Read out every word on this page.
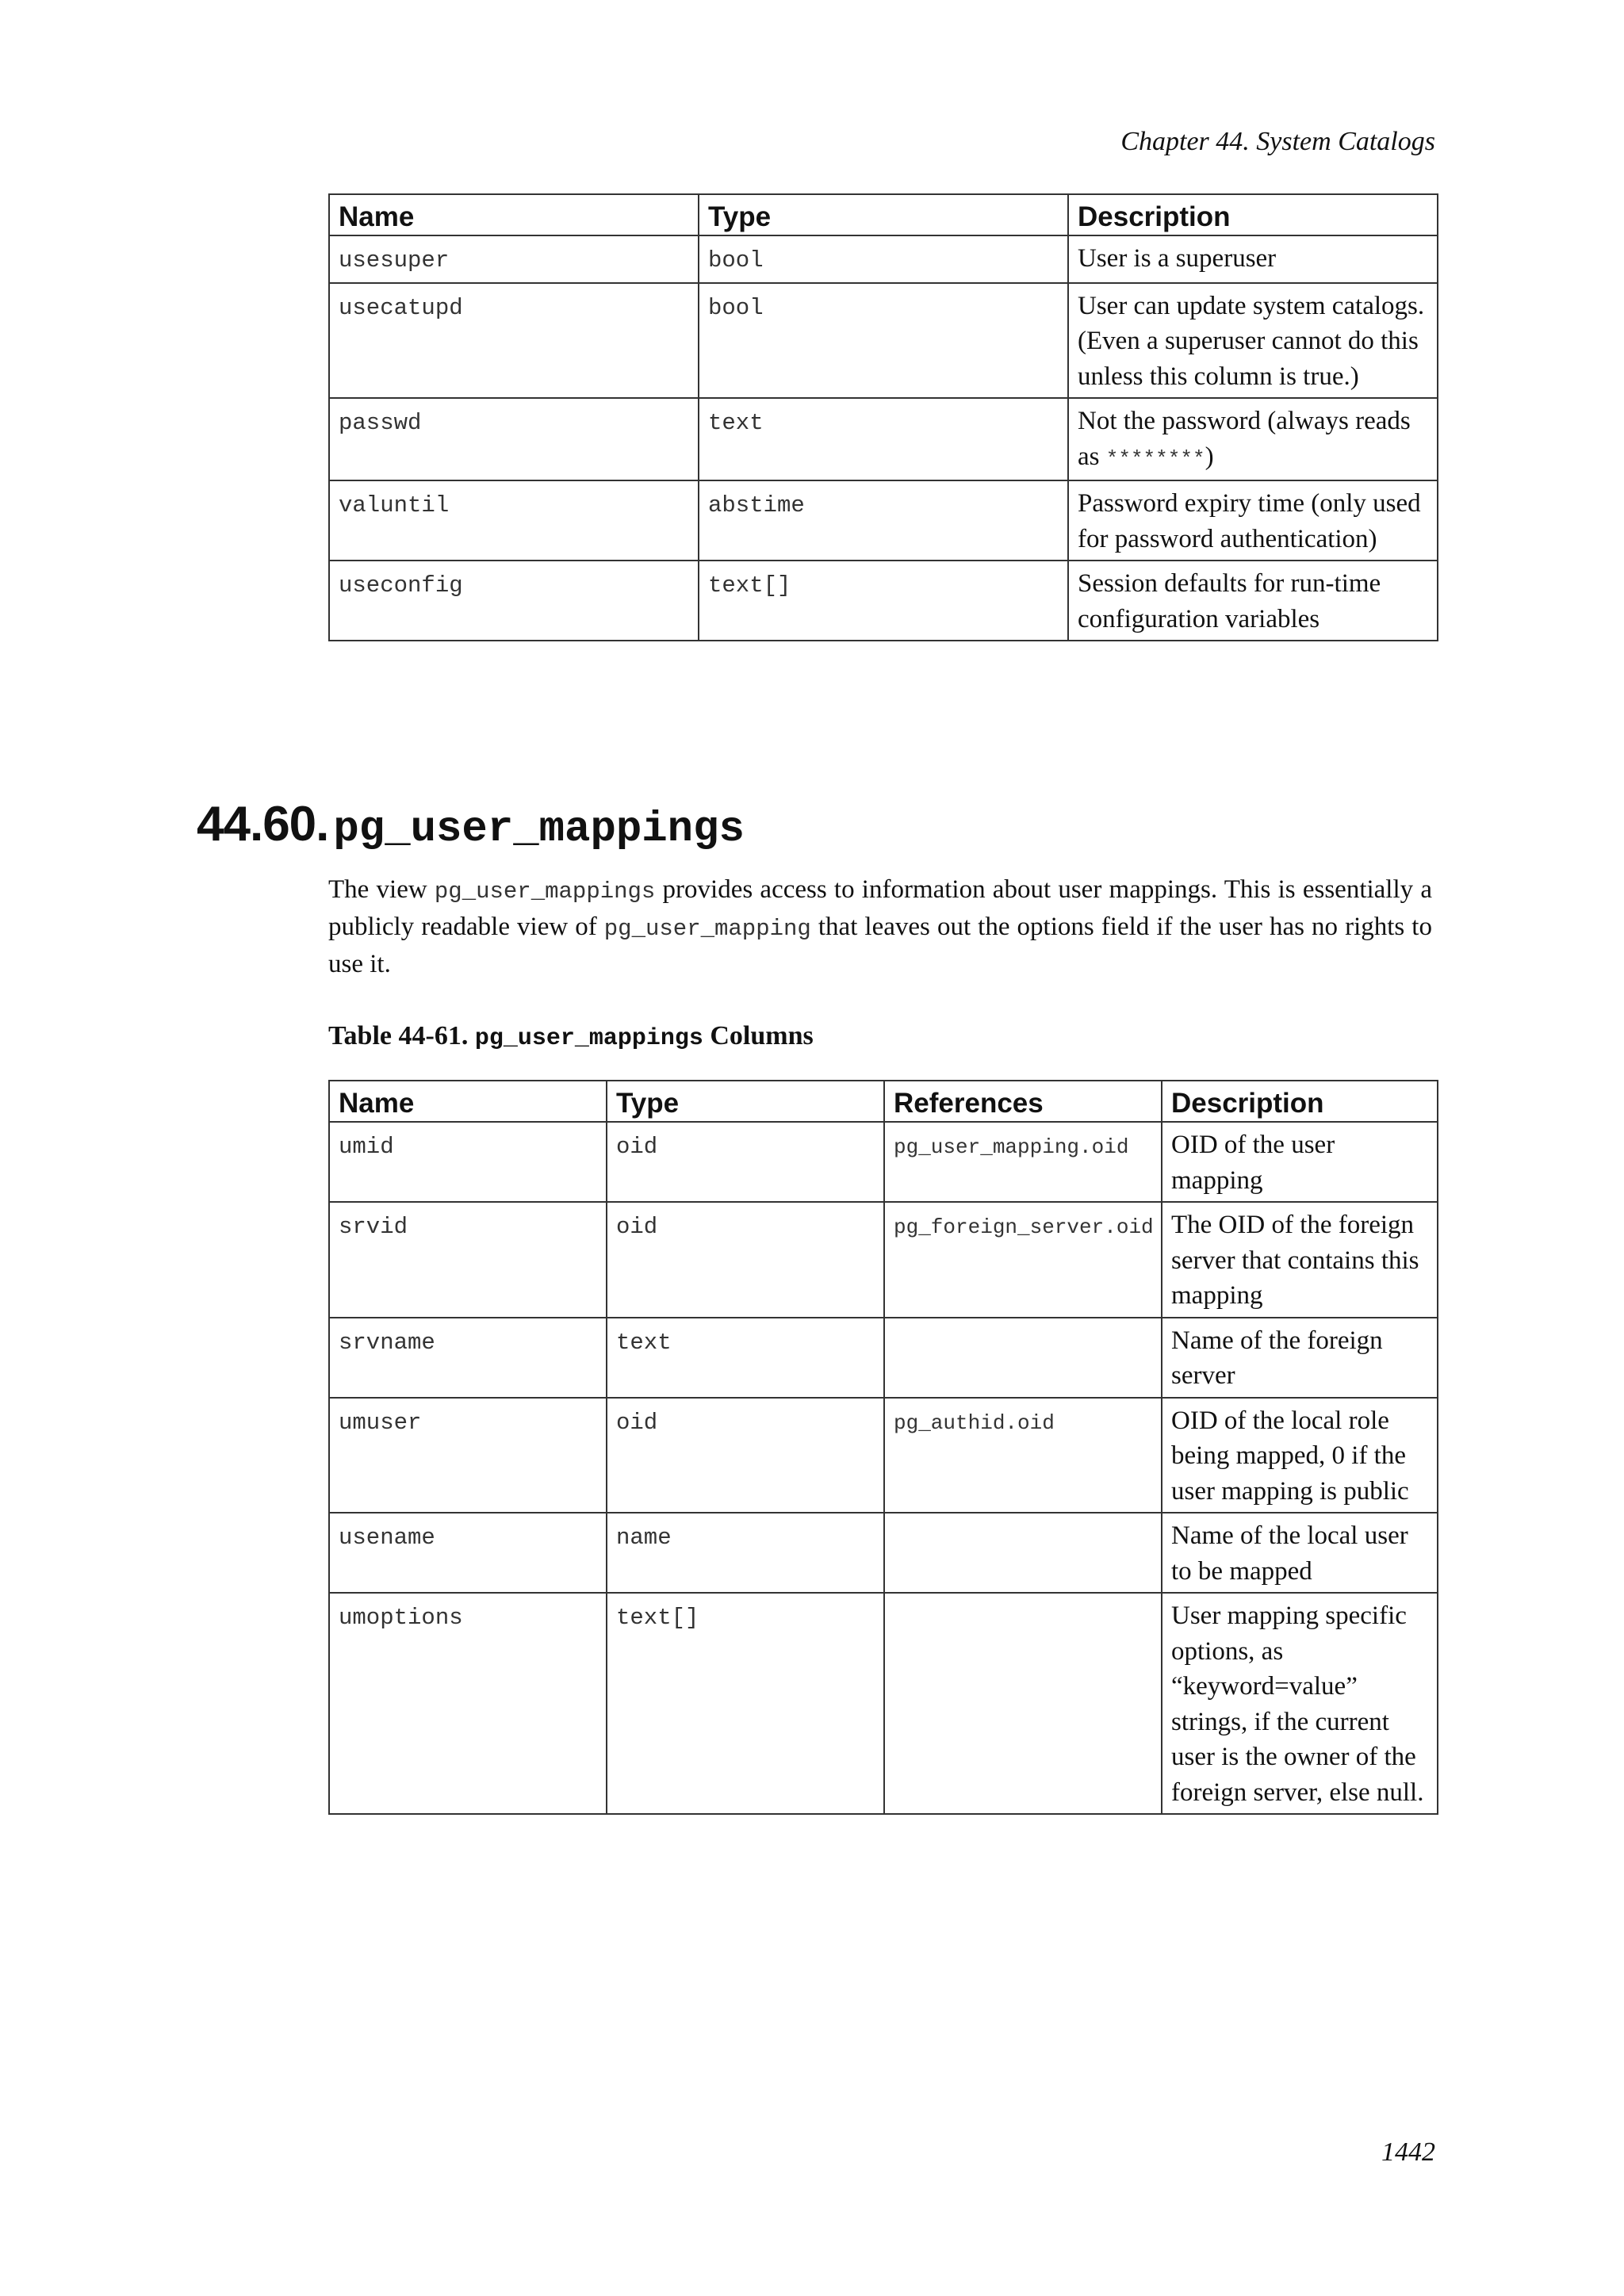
Chapter 44. System Catalogs
Name	Type	Description
usesuper	bool	User is a superuser
usecatupd	bool	User can update system catalogs. (Even a superuser cannot do this unless this column is true.)
passwd	text	Not the password (always reads as ********)
valuntil	abstime	Password expiry time (only used for password authentication)
useconfig	text[]	Session defaults for run-time configuration variables
44.60. pg_user_mappings

The view pg_user_mappings provides access to information about user mappings. This is essentially a publicly readable view of pg_user_mapping that leaves out the options field if the user has no rights to use it.

Table 44-61. pg_user_mappings Columns

Name	Type	References	Description
umid	oid	pg_user_mapping.oid	OID of the user mapping
srvid	oid	pg_foreign_server.oid	The OID of the foreign server that contains this mapping
srvname	text		Name of the foreign server
umuser	oid	pg_authid.oid	OID of the local role being mapped, 0 if the user mapping is public
usename	name		Name of the local user to be mapped
umoptions	text[]		User mapping specific options, as “keyword=value” strings, if the current user is the owner of the foreign server, else null.
1442
